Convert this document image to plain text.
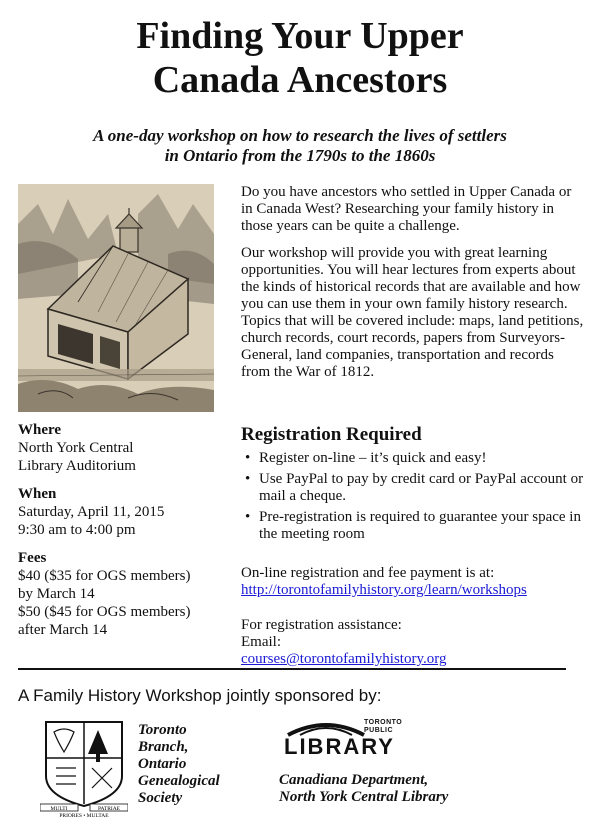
Finding Your Upper
Canada Ancestors
A one-day workshop on how to research the lives of settlers
in Ontario from the 1790s to the 1860s

Do you have ancestors who settled in Upper Canada or in Canada West? Researching your family history in those years can be quite a challenge.

Our workshop will provide you with great learning opportunities. You will hear lectures from experts about the kinds of historical records that are available and how you can use them in your own family history research. Topics that will be covered include: maps, land petitions, church records, court records, papers from Surveyors-General, land companies, transportation and records from the War of 1812.

Where
North York Central
Library Auditorium
When
Saturday, April 11, 2015
9:30 am to 4:00 pm
Fees
$40 ($35 for OGS members)
by March 14
$50 ($45 for OGS members)
after March 14
Registration Required
• Register on-line – it’s quick and easy!
• Use PayPal to pay by credit card or PayPal account or mail a cheque.
• Pre-registration is required to guarantee your space in the meeting room
On-line registration and fee payment is at:
http://torontofamilyhistory.org/learn/workshops
For registration assistance:
Email:
courses@torontofamilyhistory.org
A Family History Workshop jointly sponsored by:
MULTI	PATRIAE
PRIORES • MULTAE
Toronto
Branch,
Ontario
Genealogical
Society
TORONTO
PUBLIC
LIBRARY
Canadiana Department,
North York Central Library
